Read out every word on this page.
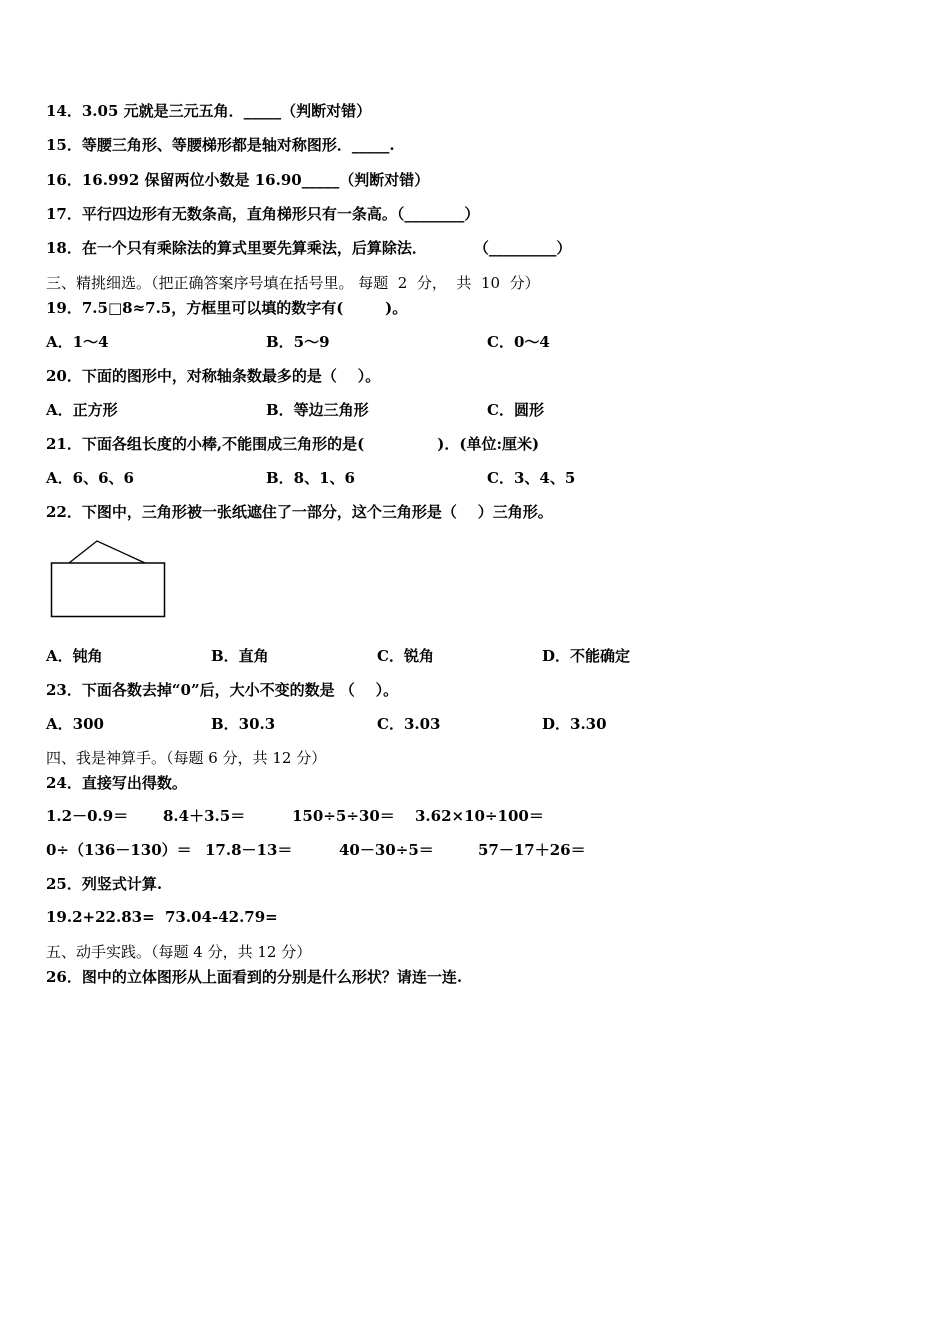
14．3.05 元就是三元五角．_____（判断对错）
15．等腰三角形、等腰梯形都是轴对称图形．_____.
16．16.992 保留两位小数是 16.90_____（判断对错）
17．平行四边形有无数条高，直角梯形只有一条高。（________）
18．在一个只有乘除法的算式里要先算乘法，后算除法．         （_________）
三、精挑细选。（把正确答案序号填在括号里。 每题  2  分，  共  10  分）
19．7.5□8≈7.5，方框里可以填的数字有(        )。
A．1～4	B．5～9	C．0～4
20．下面的图形中，对称轴条数最多的是（    ）。
A．正方形	B．等边三角形	C．圆形
21．下面各组长度的小棒,不能围成三角形的是(              )．(单位:厘米)
A．6、6、6	B．8、1、6	C．3、4、5
22．下图中，三角形被一张纸遮住了一部分，这个三角形是（    ）三角形。
A．钝角	B．直角	C．锐角	D．不能确定
23．下面各数去掉“0”后，大小不变的数是 （    ）。
A．300	B．30.3	C．3.03	D．3.30
四、我是神算手。（每题 6 分，共 12 分）
24．直接写出得数。
1.2－0.9＝ 8.4＋3.5＝	150÷5÷30＝ 3.62×10÷100＝
0÷（136－130）＝ 17.8－13＝	40－30÷5＝	57－17＋26＝
25．列竖式计算.
19.2+22.83= 73.04-42.79=
五、动手实践。（每题 4 分，共 12 分）
26．图中的立体图形从上面看到的分别是什么形状？请连一连.
